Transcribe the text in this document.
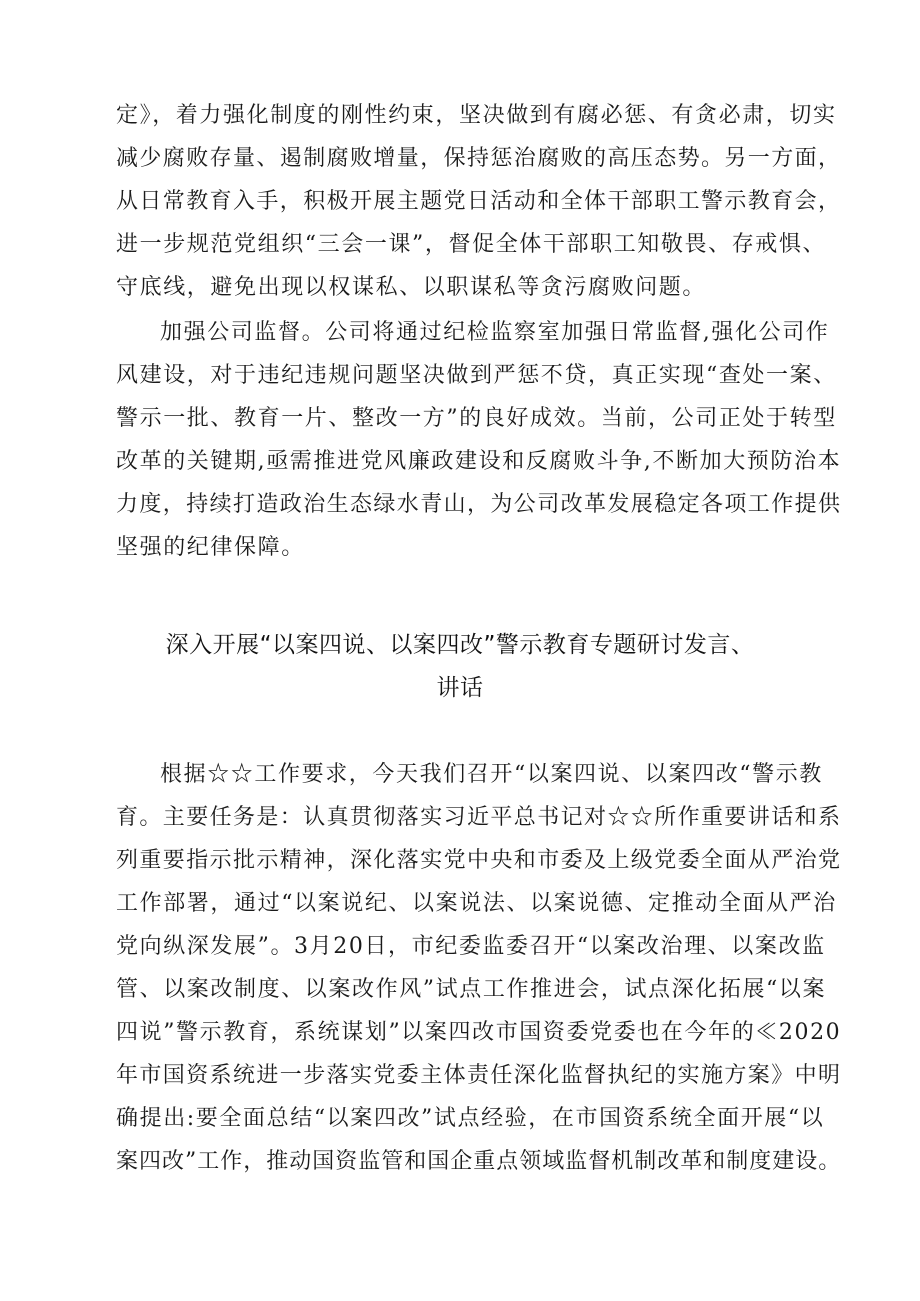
定》，着力强化制度的刚性约束，坚决做到有腐必惩、有贪必肃，切实
减少腐败存量、遏制腐败增量，保持惩治腐败的高压态势。另一方面，
从日常教育入手，积极开展主题党日活动和全体干部职工警示教育会，
进一步规范党组织“三会一课”，督促全体干部职工知敬畏、存戒惧、
守底线，避免出现以权谋私、以职谋私等贪污腐败问题。
加强公司监督。公司将通过纪检监察室加强日常监督,强化公司作
风建设，对于违纪违规问题坚决做到严惩不贷，真正实现“查处一案、
警示一批、教育一片、整改一方”的良好成效。当前，公司正处于转型
改革的关键期,亟需推进党风廉政建设和反腐败斗争,不断加大预防治本
力度，持续打造政治生态绿水青山，为公司改革发展稳定各项工作提供
坚强的纪律保障。
深入开展“以案四说、以案四改”警示教育专题研讨发言、
讲话
根据☆☆工作要求，今天我们召开“以案四说、以案四改“警示教
育。主要任务是：认真贯彻落实习近平总书记对☆☆所作重要讲话和系
列重要指示批示精神，深化落实党中央和市委及上级党委全面从严治党
工作部署，通过“以案说纪、以案说法、以案说德、定推动全面从严治
党向纵深发展”。3月20日，市纪委监委召开“以案改治理、以案改监
管、以案改制度、以案改作风”试点工作推进会，试点深化拓展“以案
四说”警示教育，系统谋划”以案四改市国资委党委也在今年的≪2020
年市国资系统进一步落实党委主体责任深化监督执纪的实施方案》中明
确提出:要全面总结“以案四改”试点经验，在市国资系统全面开展“以
案四改”工作，推动国资监管和国企重点领域监督机制改革和制度建设。
